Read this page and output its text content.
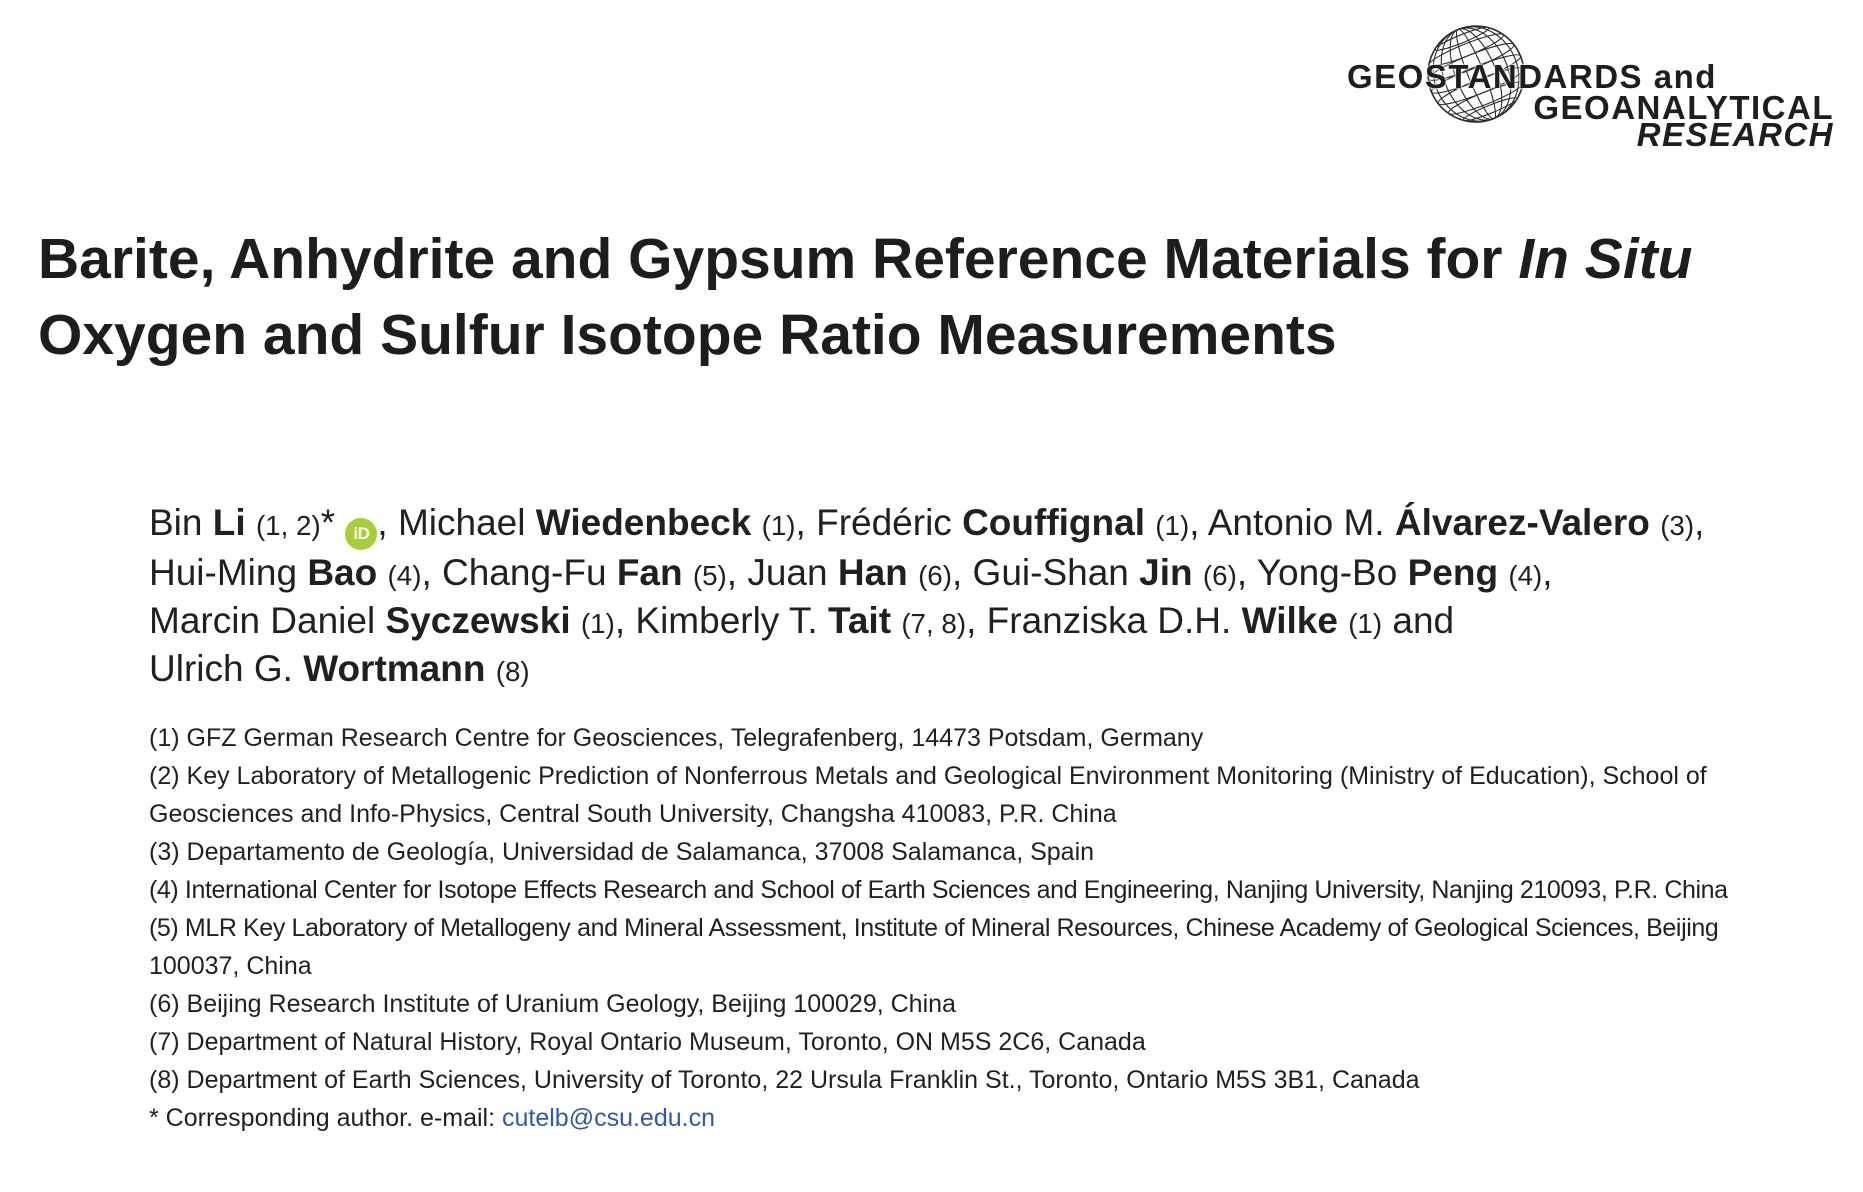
GEOSTANDARDS and
GEOANALYTICAL
RESEARCH
Barite, Anhydrite and Gypsum Reference Materials for In Situ
Oxygen and Sulfur Isotope Ratio Measurements
Bin Li (1, 2)* iD , Michael Wiedenbeck (1), Frédéric Couffignal (1), Antonio M. Álvarez-Valero (3),
Hui-Ming Bao (4), Chang-Fu Fan (5), Juan Han (6), Gui-Shan Jin (6), Yong-Bo Peng (4),
Marcin Daniel Syczewski (1), Kimberly T. Tait (7, 8), Franziska D.H. Wilke (1) and
Ulrich G. Wortmann (8)
(1) GFZ German Research Centre for Geosciences, Telegrafenberg, 14473 Potsdam, Germany
(2) Key Laboratory of Metallogenic Prediction of Nonferrous Metals and Geological Environment Monitoring (Ministry of Education), School of
Geosciences and Info-Physics, Central South University, Changsha 410083, P.R. China
(3) Departamento de Geología, Universidad de Salamanca, 37008 Salamanca, Spain
(4) International Center for Isotope Effects Research and School of Earth Sciences and Engineering, Nanjing University, Nanjing 210093, P.R. China
(5) MLR Key Laboratory of Metallogeny and Mineral Assessment, Institute of Mineral Resources, Chinese Academy of Geological Sciences, Beijing
100037, China
(6) Beijing Research Institute of Uranium Geology, Beijing 100029, China
(7) Department of Natural History, Royal Ontario Museum, Toronto, ON M5S 2C6, Canada
(8) Department of Earth Sciences, University of Toronto, 22 Ursula Franklin St., Toronto, Ontario M5S 3B1, Canada
* Corresponding author. e-mail: cutelb@csu.edu.cn
